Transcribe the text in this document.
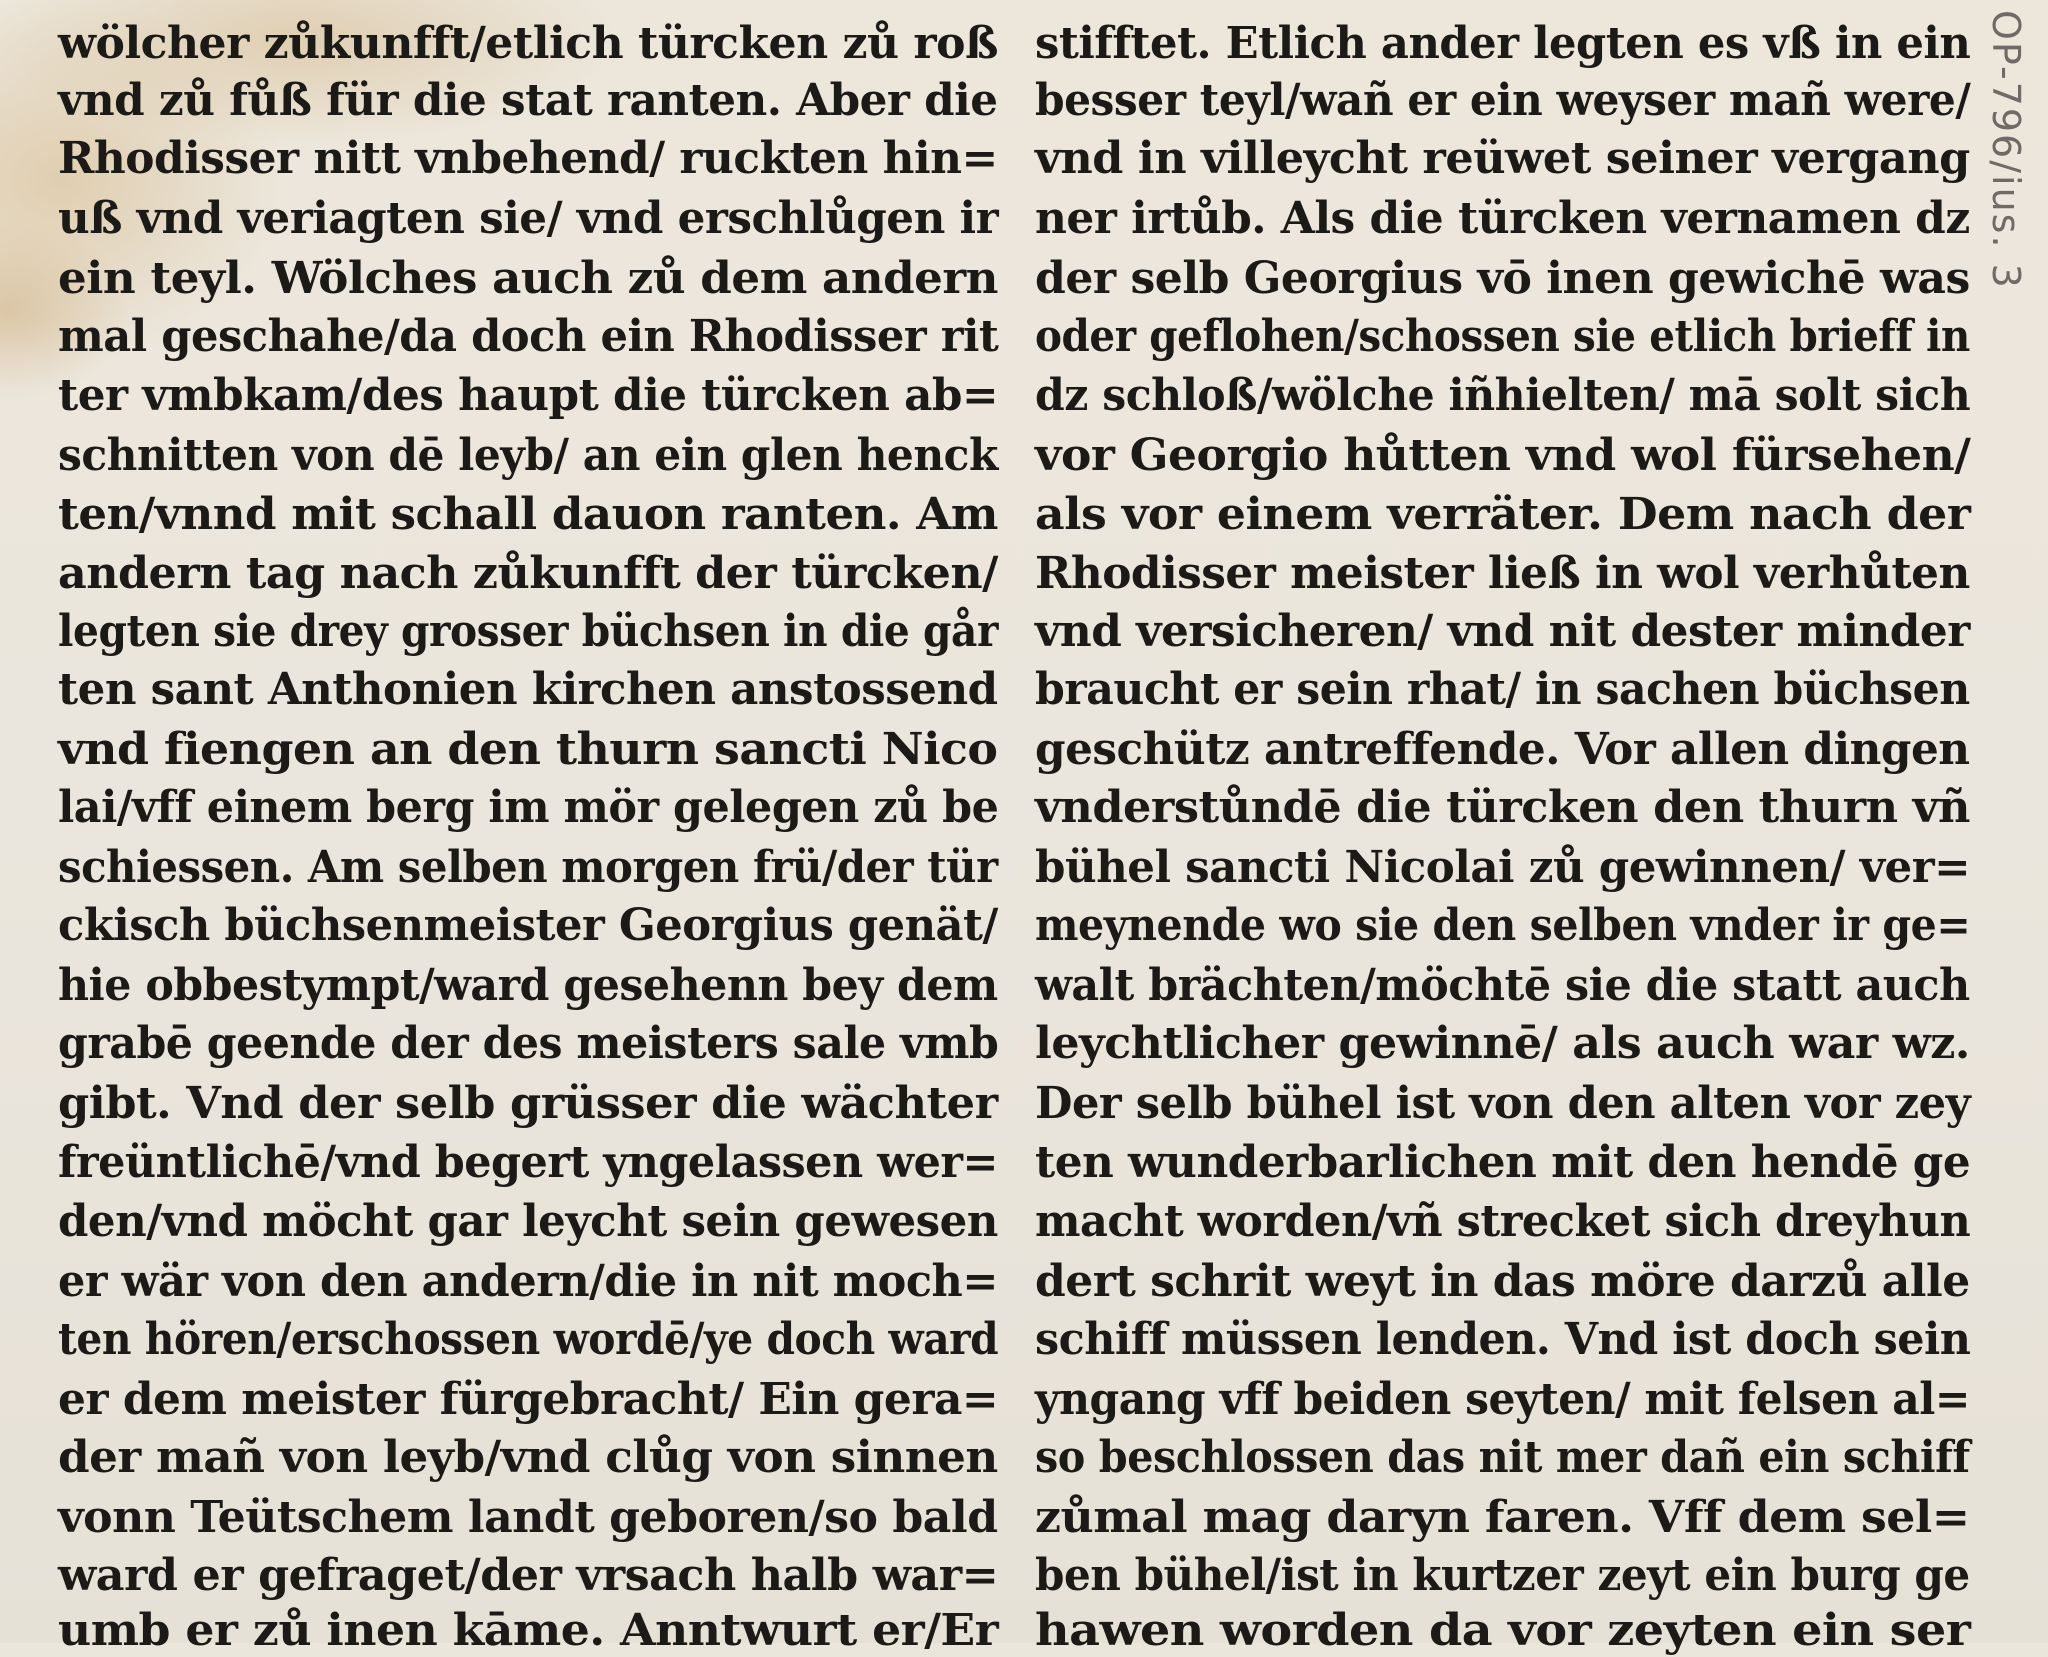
wölcher zůkunfft/etlich türcken zů roß
vnd zů fůß für die stat ranten. Aber die
Rhodisser nitt vnbehend/ ruckten hin=
uß vnd veriagten sie/ vnd erschlůgen ir
ein teyl. Wölches auch zů dem andern
mal geschahe/da doch ein Rhodisser rit
ter vmbkam/des haupt die türcken ab=
schnitten von dē leyb/ an ein glen henck
ten/vnnd mit schall dauon ranten. Am
andern tag nach zůkunfft der türcken/
legten sie drey grosser büchsen in die går
ten sant Anthonien kirchen anstossend
vnd fiengen an den thurn sancti Nico
lai/vff einem berg im mör gelegen zů be
schiessen. Am selben morgen frü/der tür
ckisch büchsenmeister Georgius genät/
hie obbestympt/ward gesehenn bey dem
grabē geende der des meisters sale vmb
gibt. Vnd der selb grüsser die wächter
freüntlichē/vnd begert yngelassen wer=
den/vnd möcht gar leycht sein gewesen
er wär von den andern/die in nit moch=
ten hören/erschossen wordē/ye doch ward
er dem meister fürgebracht/ Ein gera=
der mañ von leyb/vnd clůg von sinnen
vonn Teütschem landt geboren/so bald
ward er gefraget/der vrsach halb war=
umb er zů inen kāme. Anntwurt er/Er
stifftet. Etlich ander legten es vß in ein
besser teyl/wañ er ein weyser mañ were/
vnd in villeycht reüwet seiner vergang
ner irtůb. Als die türcken vernamen dz
der selb Georgius vō inen gewichē was
oder geflohen/schossen sie etlich brieff in
dz schloß/wölche iñhielten/ mā solt sich
vor Georgio hůtten vnd wol fürsehen/
als vor einem verräter. Dem nach der
Rhodisser meister ließ in wol verhůten
vnd versicheren/ vnd nit dester minder
braucht er sein rhat/ in sachen büchsen
geschütz antreffende. Vor allen dingen
vnderstůndē die türcken den thurn vñ
bühel sancti Nicolai zů gewinnen/ ver=
meynende wo sie den selben vnder ir ge=
walt brächten/möchtē sie die statt auch
leychtlicher gewinnē/ als auch war wz.
Der selb bühel ist von den alten vor zey
ten wunderbarlichen mit den hendē ge
macht worden/vñ strecket sich dreyhun
dert schrit weyt in das möre darzů alle
schiff müssen lenden. Vnd ist doch sein
yngang vff beiden seyten/ mit felsen al=
so beschlossen das nit mer dañ ein schiff
zůmal mag daryn faren. Vff dem sel=
ben bühel/ist in kurtzer zeyt ein burg ge
hawen worden da vor zeyten ein ser
OP-796/ius. 3
